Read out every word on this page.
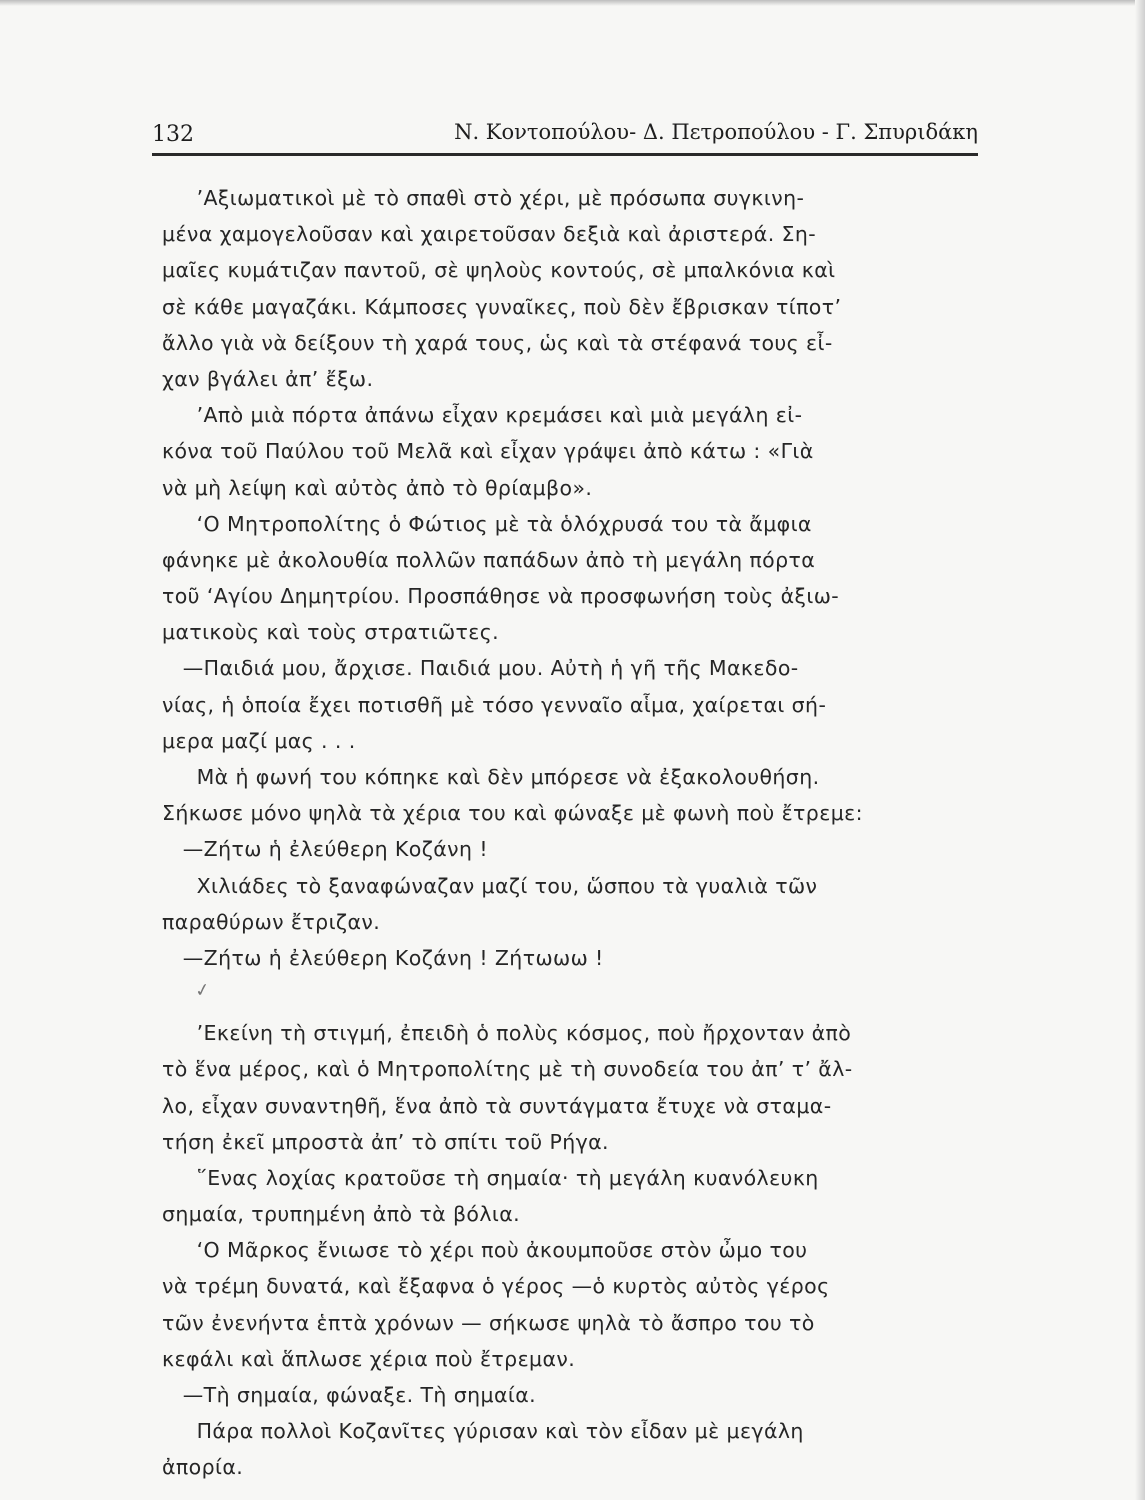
132	Ν. Κοντοπούλου- Δ. Πετροπούλου - Γ. Σπυριδάκη
✓
’Αξιωματικοὶ μὲ τὸ σπαθὶ στὸ χέρι, μὲ πρόσωπα συγκινη-
μένα χαμογελοῦσαν καὶ χαιρετοῦσαν δεξιὰ καὶ ἀριστερά. Ση-
μαῖες κυμάτιζαν παντοῦ, σὲ ψηλοὺς κοντούς, σὲ μπαλκόνια καὶ
σὲ κάθε μαγαζάκι. Κάμποσες γυναῖκες, ποὺ δὲν ἔβρισκαν τίποτ’
ἄλλο γιὰ νὰ δείξουν τὴ χαρά τους, ὡς καὶ τὰ στέφανά τους εἶ-
χαν βγάλει ἀπ’ ἔξω.
’Απὸ μιὰ πόρτα ἀπάνω εἶχαν κρεμάσει καὶ μιὰ μεγάλη εἰ-
κόνα τοῦ Παύλου τοῦ Μελᾶ καὶ εἶχαν γράψει ἀπὸ κάτω : «Γιὰ
νὰ μὴ λείψη καὶ αὐτὸς ἀπὸ τὸ θρίαμβο».
‘Ο Μητροπολίτης ὁ Φώτιος μὲ τὰ ὁλόχρυσά του τὰ ἄμφια
φάνηκε μὲ ἀκολουθία πολλῶν παπάδων ἀπὸ τὴ μεγάλη πόρτα
τοῦ ‘Αγίου Δημητρίου. Προσπάθησε νὰ προσφωνήση τοὺς ἀξιω-
ματικοὺς καὶ τοὺς στρατιῶτες.
—Παιδιά μου, ἄρχισε. Παιδιά μου. Αὐτὴ ἡ γῆ τῆς Μακεδο-
νίας, ἡ ὁποία ἔχει ποτισθῆ μὲ τόσο γενναῖο αἷμα, χαίρεται σή-
μερα μαζί μας . . .
Μὰ ἡ φωνή του κόπηκε καὶ δὲν μπόρεσε νὰ ἐξακολουθήση.
Σήκωσε μόνο ψηλὰ τὰ χέρια του καὶ φώναξε μὲ φωνὴ ποὺ ἔτρεμε:
—Ζήτω ἡ ἐλεύθερη Κοζάνη !
Χιλιάδες τὸ ξαναφώναζαν μαζί του, ὥσπου τὰ γυαλιὰ τῶν
παραθύρων ἔτριζαν.
—Ζήτω ἡ ἐλεύθερη Κοζάνη ! Ζήτωωω !
’Εκείνη τὴ στιγμή, ἐπειδὴ ὁ πολὺς κόσμος, ποὺ ἤρχονταν ἀπὸ
τὸ ἕνα μέρος, καὶ ὁ Μητροπολίτης μὲ τὴ συνοδεία του ἀπ’ τ’ ἄλ-
λο, εἶχαν συναντηθῆ, ἕνα ἀπὸ τὰ συντάγματα ἔτυχε νὰ σταμα-
τήση ἐκεῖ μπροστὰ ἀπ’ τὸ σπίτι τοῦ Ρήγα.
῞Ενας λοχίας κρατοῦσε τὴ σημαία· τὴ μεγάλη κυανόλευκη
σημαία, τρυπημένη ἀπὸ τὰ βόλια.
‘Ο Μᾶρκος ἔνιωσε τὸ χέρι ποὺ ἀκουμποῦσε στὸν ὦμο του
νὰ τρέμη δυνατά, καὶ ἔξαφνα ὁ γέρος —ὁ κυρτὸς αὐτὸς γέρος
τῶν ἐνενήντα ἑπτὰ χρόνων — σήκωσε ψηλὰ τὸ ἄσπρο του τὸ
κεφάλι καὶ ἅπλωσε χέρια ποὺ ἔτρεμαν.
—Τὴ σημαία, φώναξε. Τὴ σημαία.
Πάρα πολλοὶ Κοζανῖτες γύρισαν καὶ τὸν εἶδαν μὲ μεγάλη
ἀπορία.
